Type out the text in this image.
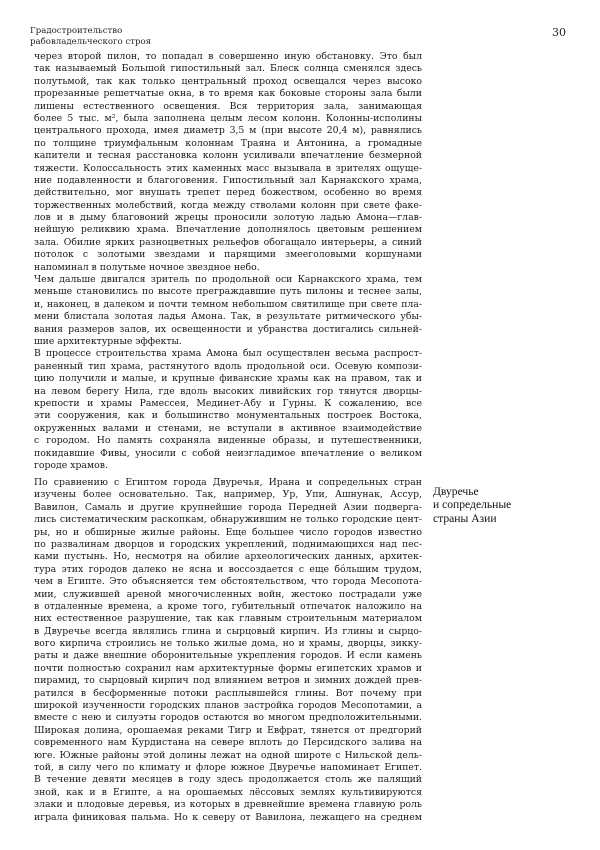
Градостроительство
рабовладельческого строя
30
через второй пилон, то попадал в совершенно иную обстановку. Это был
так называемый Большой гипостильный зал. Блеск солнца сменялся здесь
полутьмой, так как только центральный проход освещался через высоко
прорезанные решетчатые окна, в то время как боковые стороны зала были
лишены естественного освещения. Вся территория зала, занимающая
более 5 тыс. м², была заполнена целым лесом колонн. Колонны-исполины
центрального прохода, имея диаметр 3,5 м (при высоте 20,4 м), равнялись
по толщине триумфальным колоннам Траяна и Антонина, а громадные
капители и тесная расстановка колонн усиливали впечатление безмерной
тяжести. Колоссальность этих каменных масс вызывала в зрителях ощуще-
ние подавленности и благоговения. Гипостильный зал Карнакского храма,
действительно, мог внушать трепет перед божеством, особенно во время
торжественных молебствий, когда между стволами колонн при свете факе-
лов и в дыму благовоний жрецы проносили золотую ладью Амона—глав-
нейшую реликвию храма. Впечатление дополнялось цветовым решением
зала. Обилие ярких разноцветных рельефов обогащало интерьеры, а синий
потолок с золотыми звездами и парящими змееголовыми коршунами
напоминал в полутьме ночное звездное небо.
Чем дальше двигался зритель по продольной оси Карнакского храма, тем
меньше становились по высоте преграждавшие путь пилоны и теснее залы,
и, наконец, в далеком и почти темном небольшом святилище при свете пла-
мени блистала золотая ладья Амона. Так, в результате ритмического убы-
вания размеров залов, их освещенности и убранства достигались сильней-
шие архитектурные эффекты.
В процессе строительства храма Амона был осуществлен весьма распрост-
раненный тип храма, растянутого вдоль продольной оси. Осевую компози-
цию получили и малые, и крупные фиванские храмы как на правом, так и
на левом берегу Нила, где вдоль высоких ливийских гор тянутся дворцы-
крепости и храмы Рамессея, Мединет-Абу и Гурны. К сожалению, все
эти сооружения, как и большинство монументальных построек Востока,
окруженных валами и стенами, не вступали в активное взаимодействие
с городом. Но память сохраняла виденные образы, и путешественники,
покидавшие Фивы, уносили с собой неизгладимое впечатление о великом
городе храмов.
По сравнению с Египтом города Двуречья, Ирана и сопредельных стран
изучены более основательно. Так, например, Ур, Упи, Ашнунак, Ассур,
Вавилон, Самаль и другие крупнейшие города Передней Азии подверга-
лись систематическим раскопкам, обнаружившим не только городские цент-
ры, но и обширные жилые районы. Еще большее число городов известно
по развалинам дворцов и городских укреплений, поднимающихся над пес-
ками пустынь. Но, несмотря на обилие археологических данных, архитек-
тура этих городов далеко не ясна и воссоздается с еще бóльшим трудом,
чем в Египте. Это объясняется тем обстоятельством, что города Месопота-
мии, служившей ареной многочисленных войн, жестоко пострадали уже
в отдаленные времена, а кроме того, губительный отпечаток наложило на
них естественное разрушение, так как главным строительным материалом
в Двуречье всегда являлись глина и сырцовый кирпич. Из глины и сырцо-
вого кирпича строились не только жилые дома, но и храмы, дворцы, зикку-
раты и даже внешние оборонительные укрепления городов. И если камень
почти полностью сохранил нам архитектурные формы египетских храмов и
пирамид, то сырцовый кирпич под влиянием ветров и зимних дождей прев-
ратился в бесформенные потоки расплывшейся глины. Вот почему при
широкой изученности городских планов застройка городов Месопотамии, а
вместе с нею и силуэты городов остаются во многом предположительными.
Широкая долина, орошаемая реками Тигр и Евфрат, тянется от предгорий
современного нам Курдистана на севере вплоть до Персидского залива на
юге. Южные районы этой долины лежат на одной широте с Нильской дель-
той, в силу чего по климату и флоре южное Двуречье напоминает Египет.
В течение девяти месяцев в году здесь продолжается столь же палящий
зной, как и в Египте, а на орошаемых лёссовых землях культивируются
злаки и плодовые деревья, из которых в древнейшие времена главную роль
играла финиковая пальма. Но к северу от Вавилона, лежащего на среднем
Двуречье
и сопредельные
страны Азии
